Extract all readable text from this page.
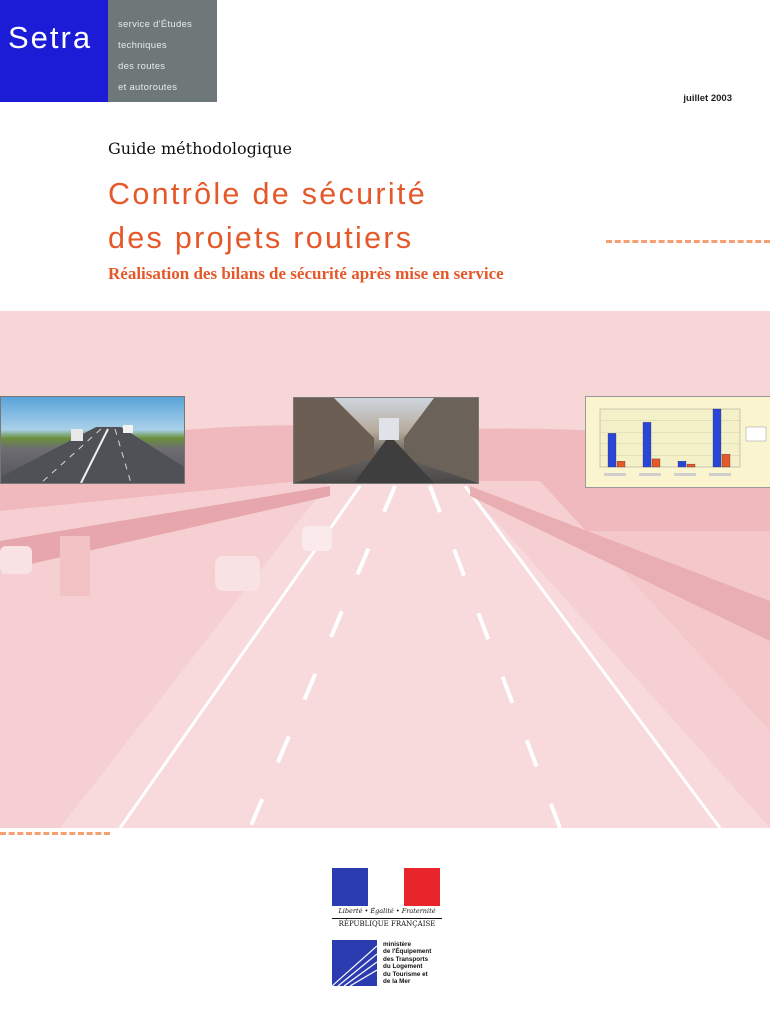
Setra	service d'Études
techniques
des routes
et autoroutes
juillet 2003
Guide méthodologique
Contrôle de sécurité
des projets routiers
Réalisation des bilans de sécurité après mise en service
Liberté • Égalité • Fraternité
RÉPUBLIQUE FRANÇAISE
ministère
de l'Équipement
des Transports
du Logement
du Tourisme et
de la Mer
